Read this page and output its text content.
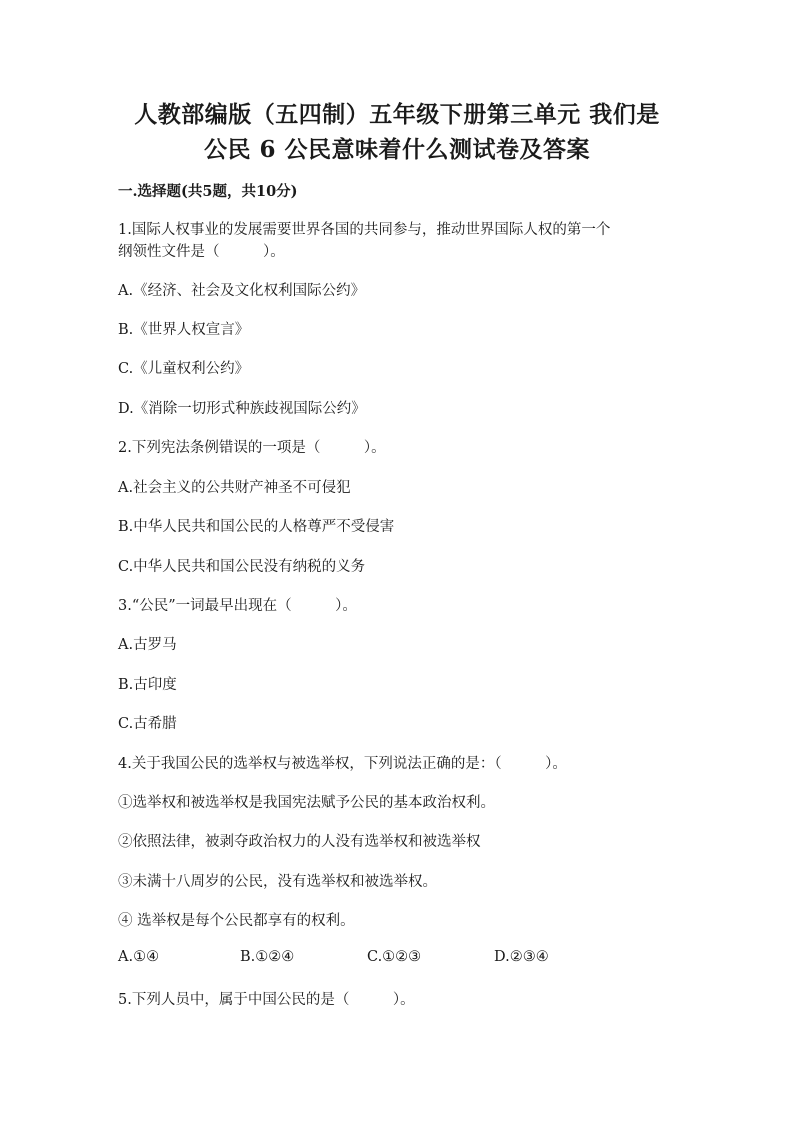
人教部编版（五四制）五年级下册第三单元 我们是
公民 6 公民意味着什么测试卷及答案
一.选择题(共5题，共10分)
1.国际人权事业的发展需要世界各国的共同参与，推动世界国际人权的第一个
纲领性文件是（　　　）。
A.《经济、社会及文化权利国际公约》
B.《世界人权宣言》
C.《儿童权利公约》
D.《消除一切形式种族歧视国际公约》
2.下列宪法条例错误的一项是（　　　）。
A.社会主义的公共财产神圣不可侵犯
B.中华人民共和国公民的人格尊严不受侵害
C.中华人民共和国公民没有纳税的义务
3.“公民”一词最早出现在（　　　）。
A.古罗马
B.古印度
C.古希腊
4.关于我国公民的选举权与被选举权，下列说法正确的是：（　　　）。
①选举权和被选举权是我国宪法赋予公民的基本政治权利。
②依照法律，被剥夺政治权力的人没有选举权和被选举权
③未满十八周岁的公民，没有选举权和被选举权。
④ 选举权是每个公民都享有的权利。
A.①④	B.①②④	C.①②③	D.②③④
5.下列人员中，属于中国公民的是（　　　）。
